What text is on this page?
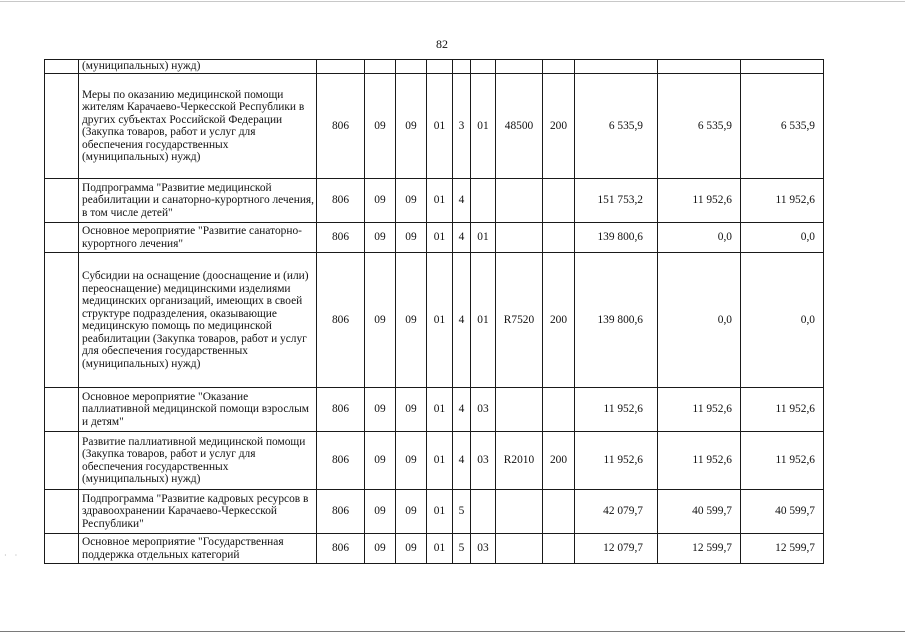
82
	(муниципальных) нужд)											
	Меры по оказанию медицинской помощи жителям Карачаево-Черкесской Республики в других субъектах Российской Федерации (Закупка товаров, работ и услуг для обеспечения государственных (муниципальных) нужд)	806	09	09	01	3	01	48500	200	6 535,9	6 535,9	6 535,9
	Подпрограмма "Развитие медицинской реабилитации и санаторно-курортного лечения, в том числе детей"	806	09	09	01	4				151 753,2	11 952,6	11 952,6
	Основное мероприятие "Развитие санаторно-курортного лечения"	806	09	09	01	4	01			139 800,6	0,0	0,0
	Субсидии на оснащение (дооснащение и (или) переоснащение) медицинскими изделиями медицинских организаций, имеющих в своей структуре подразделения, оказывающие медицинскую помощь по медицинской реабилитации (Закупка товаров, работ и услуг для обеспечения государственных (муниципальных) нужд)	806	09	09	01	4	01	R7520	200	139 800,6	0,0	0,0
	Основное мероприятие "Оказание паллиативной медицинской помощи взрослым и детям"	806	09	09	01	4	03			11 952,6	11 952,6	11 952,6
	Развитие паллиативной медицинской помощи (Закупка товаров, работ и услуг для обеспечения государственных (муниципальных) нужд)	806	09	09	01	4	03	R2010	200	11 952,6	11 952,6	11 952,6
	Подпрограмма "Развитие кадровых ресурсов в здравоохранении Карачаево-Черкесской Республики"	806	09	09	01	5				42 079,7	40 599,7	40 599,7
	Основное мероприятие "Государственная поддержка отдельных категорий	806	09	09	01	5	03			12 079,7	12 599,7	12 599,7
· ·
